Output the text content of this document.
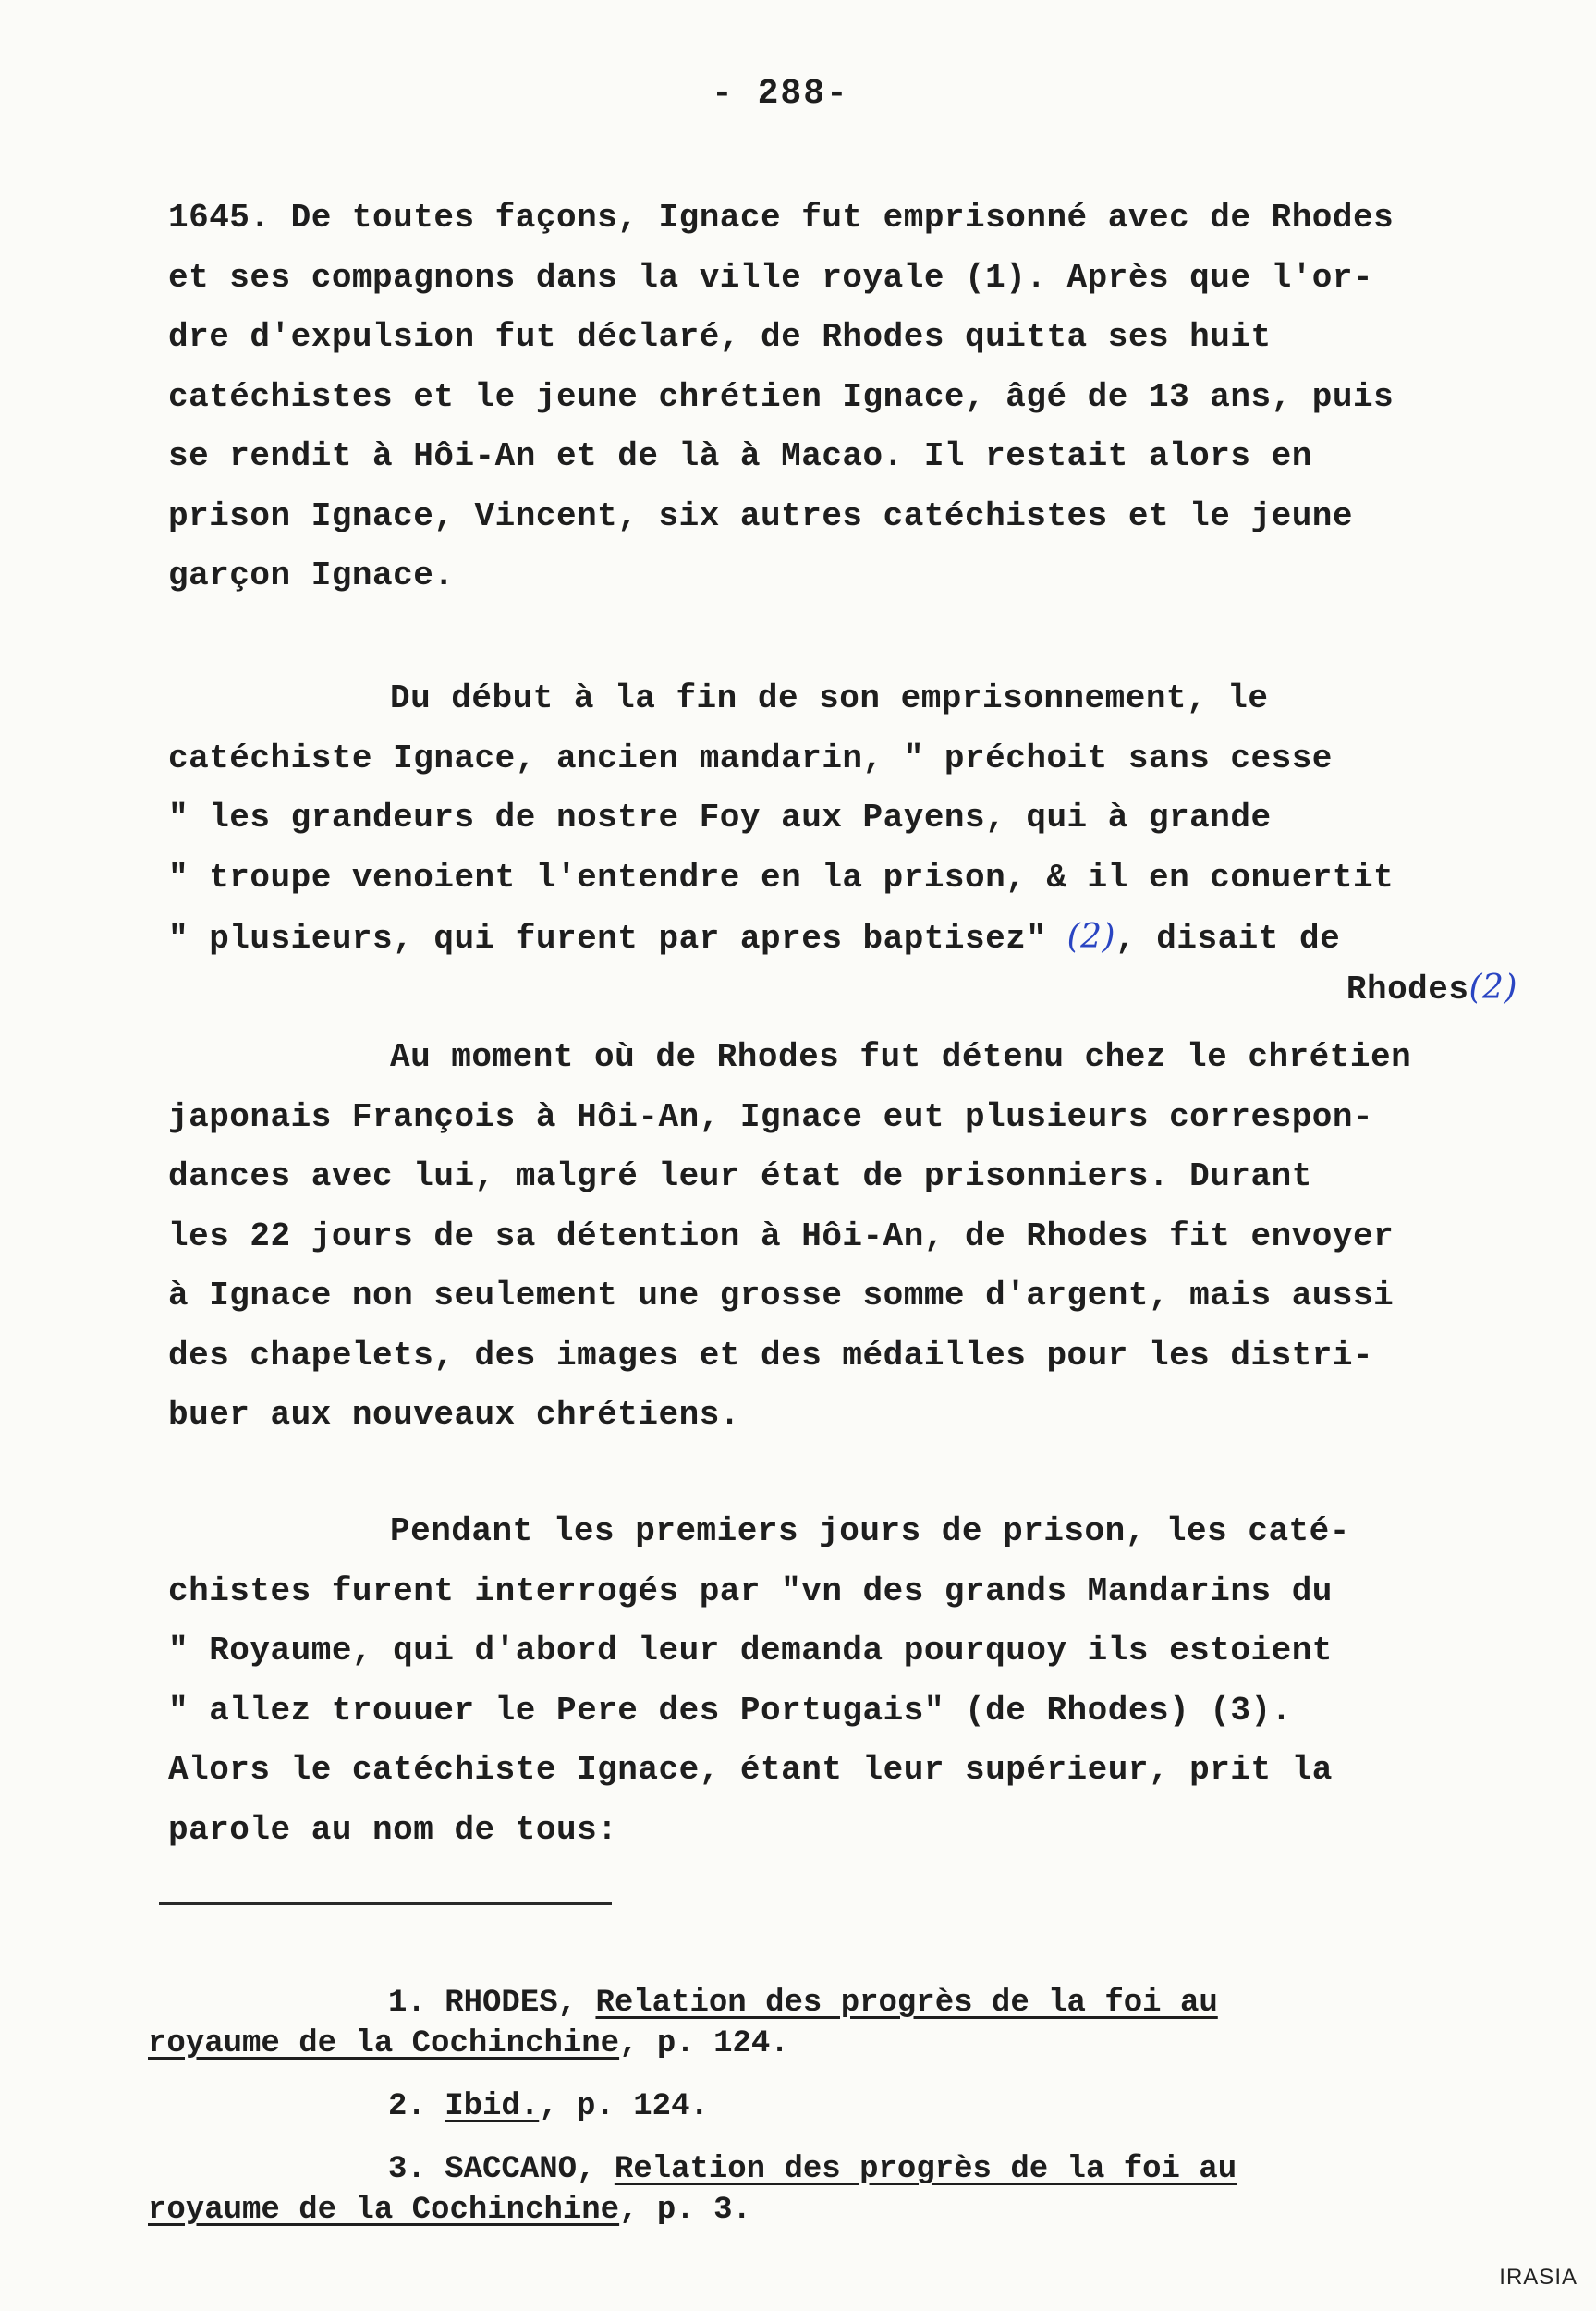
- 288-
1645. De toutes façons, Ignace fut emprisonné avec de Rhodes
et ses compagnons dans la ville royale (1). Après que l'or-
dre d'expulsion fut déclaré, de Rhodes quitta ses huit
catéchistes et le jeune chrétien Ignace, âgé de 13 ans, puis
se rendit à Hôi-An et de là à Macao. Il restait alors en
prison Ignace, Vincent, six autres catéchistes et le jeune
garçon Ignace.
Du début à la fin de son emprisonnement, le
catéchiste Ignace, ancien mandarin, " préchoit sans cesse
" les grandeurs de nostre Foy aux Payens, qui à grande
" troupe venoient l'entendre en la prison, & il en conuertit
" plusieurs, qui furent par apres baptisez" (2), disait de
Rhodes(2)
Au moment où de Rhodes fut détenu chez le chrétien
japonais François à Hôi-An, Ignace eut plusieurs correspon-
dances avec lui, malgré leur état de prisonniers. Durant
les 22 jours de sa détention à Hôi-An, de Rhodes fit envoyer
à Ignace non seulement une grosse somme d'argent, mais aussi
des chapelets, des images et des médailles pour les distri-
buer aux nouveaux chrétiens.
Pendant les premiers jours de prison, les caté-
chistes furent interrogés par "vn des grands Mandarins du
" Royaume, qui d'abord leur demanda pourquoy ils estoient
" allez trouuer le Pere des Portugais" (de Rhodes) (3).
Alors le catéchiste Ignace, étant leur supérieur, prit la
parole au nom de tous:
1. RHODES, Relation des progrès de la foi au
royaume de la Cochinchine, p. 124.
2. Ibid., p. 124.
3. SACCANO, Relation des progrès de la foi au
royaume de la Cochinchine, p. 3.
IRASIA
